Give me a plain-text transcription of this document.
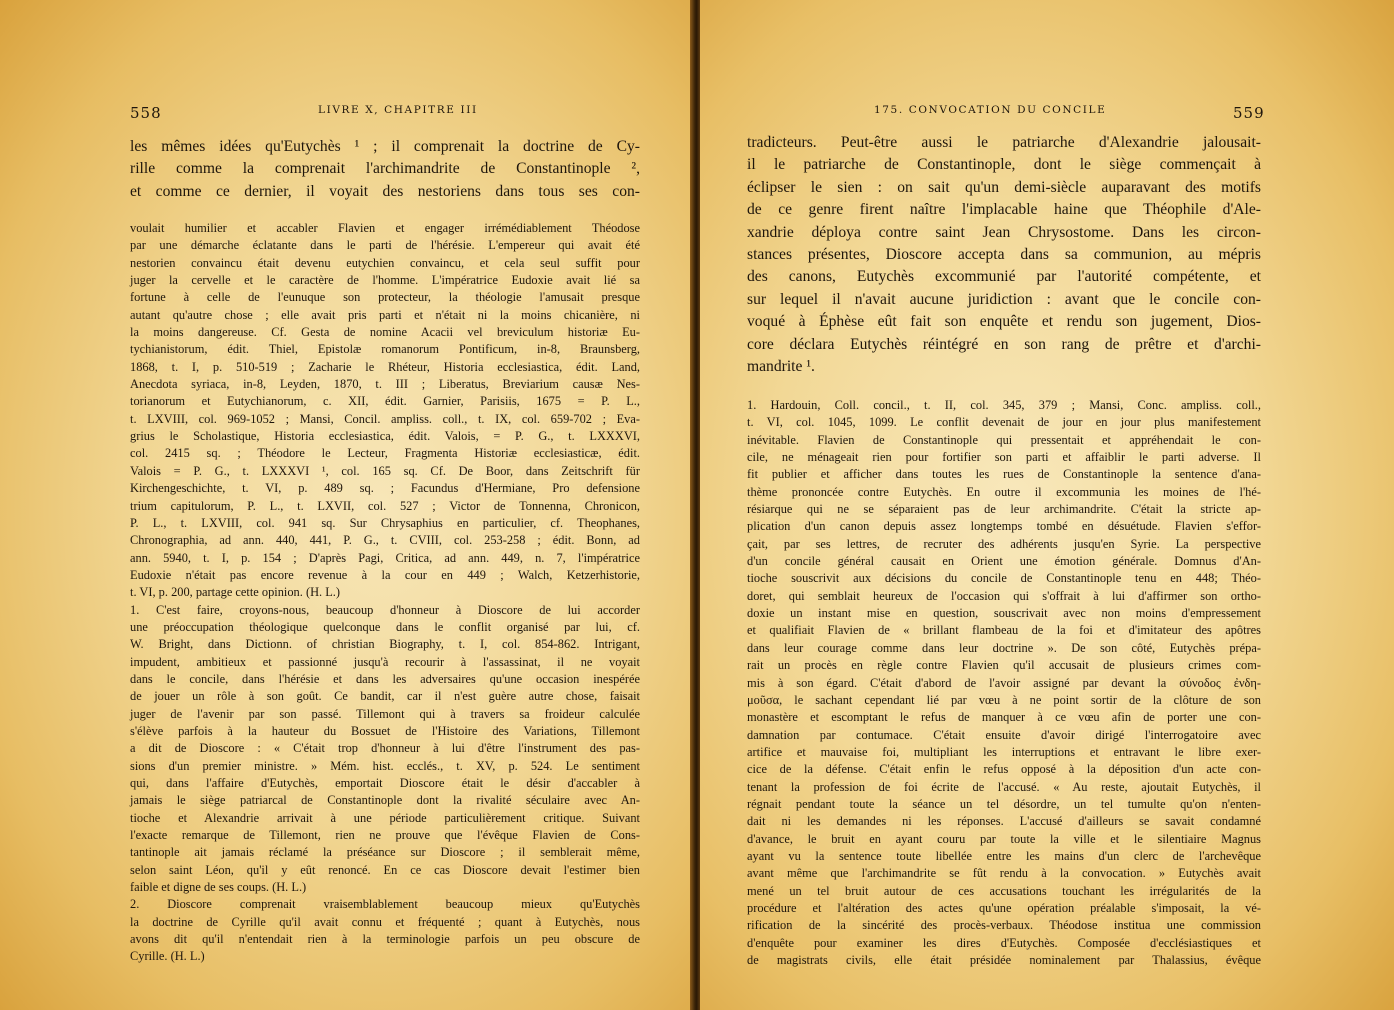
558	LIVRE X, CHAPITRE III
les mêmes idées qu'Eutychès ¹ ; il comprenait la doctrine de Cy-
rille comme la comprenait l'archimandrite de Constantinople ²,
et comme ce dernier, il voyait des nestoriens dans tous ses con-
voulait humilier et accabler Flavien et engager irrémédiablement Théodose
par une démarche éclatante dans le parti de l'hérésie. L'empereur qui avait été
nestorien convaincu était devenu eutychien convaincu, et cela seul suffit pour
juger la cervelle et le caractère de l'homme. L'impératrice Eudoxie avait lié sa
fortune à celle de l'eunuque son protecteur, la théologie l'amusait presque
autant qu'autre chose ; elle avait pris parti et n'était ni la moins chicanière, ni
la moins dangereuse. Cf. Gesta de nomine Acacii vel breviculum historiæ Eu-
tychianistorum, édit. Thiel, Epistolæ romanorum Pontificum, in-8, Braunsberg,
1868, t. I, p. 510-519 ; Zacharie le Rhéteur, Historia ecclesiastica, édit. Land,
Anecdota syriaca, in-8, Leyden, 1870, t. III ; Liberatus, Breviarium causæ Nes-
torianorum et Eutychianorum, c. XII, édit. Garnier, Parisiis, 1675 = P. L.,
t. LXVIII, col. 969-1052 ; Mansi, Concil. ampliss. coll., t. IX, col. 659-702 ; Eva-
grius le Scholastique, Historia ecclesiastica, édit. Valois, = P. G., t. LXXXVI,
col. 2415 sq. ; Théodore le Lecteur, Fragmenta Historiæ ecclesiasticæ, édit.
Valois = P. G., t. LXXXVI ¹, col. 165 sq. Cf. De Boor, dans Zeitschrift für
Kirchengeschichte, t. VI, p. 489 sq. ; Facundus d'Hermiane, Pro defensione
trium capitulorum, P. L., t. LXVII, col. 527 ; Victor de Tonnenna, Chronicon,
P. L., t. LXVIII, col. 941 sq. Sur Chrysaphius en particulier, cf. Theophanes,
Chronographia, ad ann. 440, 441, P. G., t. CVIII, col. 253-258 ; édit. Bonn, ad
ann. 5940, t. I, p. 154 ; D'après Pagi, Critica, ad ann. 449, n. 7, l'impératrice
Eudoxie n'était pas encore revenue à la cour en 449 ; Walch, Ketzerhistorie,
t. VI, p. 200, partage cette opinion. (H. L.)
1. C'est faire, croyons-nous, beaucoup d'honneur à Dioscore de lui accorder
une préoccupation théologique quelconque dans le conflit organisé par lui, cf.
W. Bright, dans Dictionn. of christian Biography, t. I, col. 854-862. Intrigant,
impudent, ambitieux et passionné jusqu'à recourir à l'assassinat, il ne voyait
dans le concile, dans l'hérésie et dans les adversaires qu'une occasion inespérée
de jouer un rôle à son goût. Ce bandit, car il n'est guère autre chose, faisait
juger de l'avenir par son passé. Tillemont qui à travers sa froideur calculée
s'élève parfois à la hauteur du Bossuet de l'Histoire des Variations, Tillemont
a dit de Dioscore : « C'était trop d'honneur à lui d'être l'instrument des pas-
sions d'un premier ministre. » Mém. hist. ecclés., t. XV, p. 524. Le sentiment
qui, dans l'affaire d'Eutychès, emportait Dioscore était le désir d'accabler à
jamais le siège patriarcal de Constantinople dont la rivalité séculaire avec An-
tioche et Alexandrie arrivait à une période particulièrement critique. Suivant
l'exacte remarque de Tillemont, rien ne prouve que l'évêque Flavien de Cons-
tantinople ait jamais réclamé la préséance sur Dioscore ; il semblerait même,
selon saint Léon, qu'il y eût renoncé. En ce cas Dioscore devait l'estimer bien
faible et digne de ses coups. (H. L.)
2. Dioscore comprenait vraisemblablement beaucoup mieux qu'Eutychès
la doctrine de Cyrille qu'il avait connu et fréquenté ; quant à Eutychès, nous
avons dit qu'il n'entendait rien à la terminologie parfois un peu obscure de
Cyrille. (H. L.)
175. CONVOCATION DU CONCILE	559
tradicteurs. Peut-être aussi le patriarche d'Alexandrie jalousait-
il le patriarche de Constantinople, dont le siège commençait à
éclipser le sien : on sait qu'un demi-siècle auparavant des motifs
de ce genre firent naître l'implacable haine que Théophile d'Ale-
xandrie déploya contre saint Jean Chrysostome. Dans les circon-
stances présentes, Dioscore accepta dans sa communion, au mépris
des canons, Eutychès excommunié par l'autorité compétente, et
sur lequel il n'avait aucune juridiction : avant que le concile con-
voqué à Éphèse eût fait son enquête et rendu son jugement, Dios-
core déclara Eutychès réintégré en son rang de prêtre et d'archi-
mandrite ¹.
1. Hardouin, Coll. concil., t. II, col. 345, 379 ; Mansi, Conc. ampliss. coll.,
t. VI, col. 1045, 1099. Le conflit devenait de jour en jour plus manifestement
inévitable. Flavien de Constantinople qui pressentait et appréhendait le con-
cile, ne ménageait rien pour fortifier son parti et affaiblir le parti adverse. Il
fit publier et afficher dans toutes les rues de Constantinople la sentence d'ana-
thème prononcée contre Eutychès. En outre il excommunia les moines de l'hé-
résiarque qui ne se séparaient pas de leur archimandrite. C'était la stricte ap-
plication d'un canon depuis assez longtemps tombé en désuétude. Flavien s'effor-
çait, par ses lettres, de recruter des adhérents jusqu'en Syrie. La perspective
d'un concile général causait en Orient une émotion générale. Domnus d'An-
tioche souscrivit aux décisions du concile de Constantinople tenu en 448; Théo-
doret, qui semblait heureux de l'occasion qui s'offrait à lui d'affirmer son ortho-
doxie un instant mise en question, souscrivait avec non moins d'empressement
et qualifiait Flavien de « brillant flambeau de la foi et d'imitateur des apôtres
dans leur courage comme dans leur doctrine ». De son côté, Eutychès prépa-
rait un procès en règle contre Flavien qu'il accusait de plusieurs crimes com-
mis à son égard. C'était d'abord de l'avoir assigné par devant la σύνοδος ἐνδη-
μοῦσα, le sachant cependant lié par vœu à ne point sortir de la clôture de son
monastère et escomptant le refus de manquer à ce vœu afin de porter une con-
damnation par contumace. C'était ensuite d'avoir dirigé l'interrogatoire avec
artifice et mauvaise foi, multipliant les interruptions et entravant le libre exer-
cice de la défense. C'était enfin le refus opposé à la déposition d'un acte con-
tenant la profession de foi écrite de l'accusé. « Au reste, ajoutait Eutychès, il
régnait pendant toute la séance un tel désordre, un tel tumulte qu'on n'enten-
dait ni les demandes ni les réponses. L'accusé d'ailleurs se savait condamné
d'avance, le bruit en ayant couru par toute la ville et le silentiaire Magnus
ayant vu la sentence toute libellée entre les mains d'un clerc de l'archevêque
avant même que l'archimandrite se fût rendu à la convocation. » Eutychès avait
mené un tel bruit autour de ces accusations touchant les irrégularités de la
procédure et l'altération des actes qu'une opération préalable s'imposait, la vé-
rification de la sincérité des procès-verbaux. Théodose institua une commission
d'enquête pour examiner les dires d'Eutychès. Composée d'ecclésiastiques et
de magistrats civils, elle était présidée nominalement par Thalassius, évêque
